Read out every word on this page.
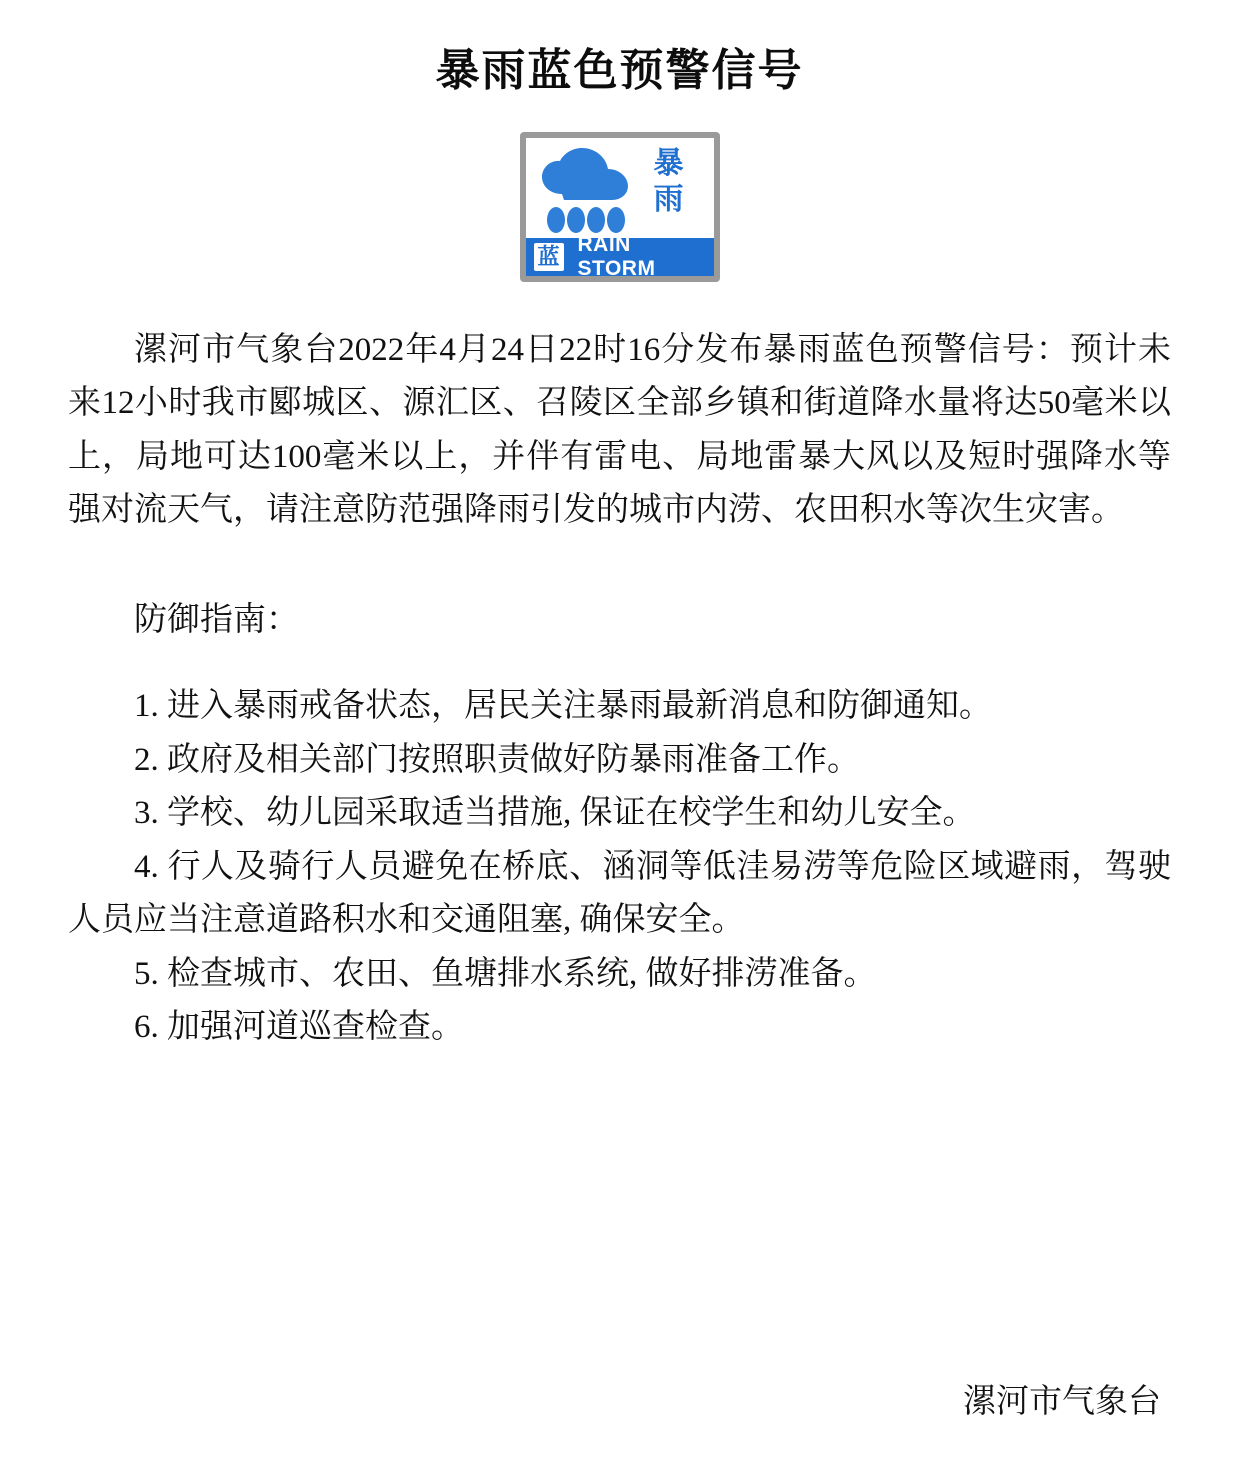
暴雨蓝色预警信号
暴雨
蓝 RAIN STORM

漯河市气象台2022年4月24日22时16分发布暴雨蓝色预警信号：预计未来12小时我市郾城区、源汇区、召陵区全部乡镇和街道降水量将达50毫米以上，局地可达100毫米以上，并伴有雷电、局地雷暴大风以及短时强降水等强对流天气，请注意防范强降雨引发的城市内涝、农田积水等次生灾害。

防御指南：

1. 进入暴雨戒备状态，居民关注暴雨最新消息和防御通知。
2. 政府及相关部门按照职责做好防暴雨准备工作。
3. 学校、幼儿园采取适当措施, 保证在校学生和幼儿安全。
4. 行人及骑行人员避免在桥底、涵洞等低洼易涝等危险区域避雨，驾驶人员应当注意道路积水和交通阻塞, 确保安全。
5. 检查城市、农田、鱼塘排水系统, 做好排涝准备。
6. 加强河道巡查检查。
漯河市气象台
